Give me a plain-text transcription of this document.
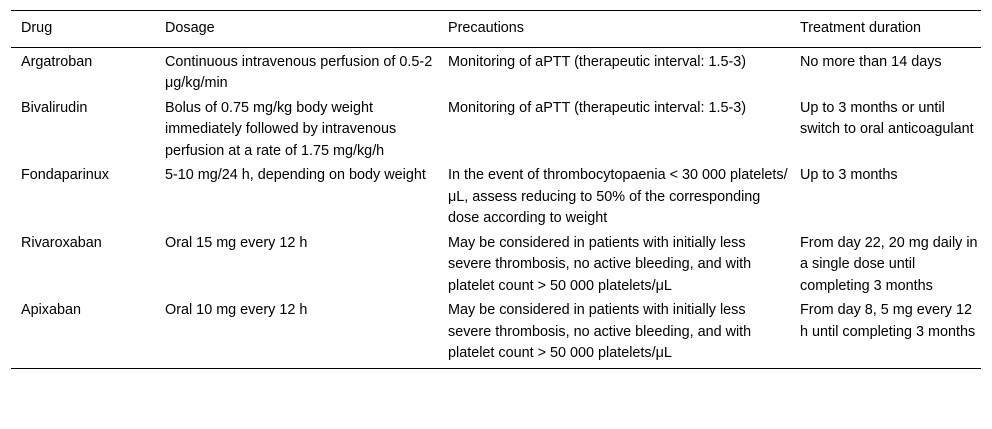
Drug	Dosage	Precautions	Treatment duration
Argatroban	Continuous intravenous perfusion of 0.5-2 μg/kg/min	Monitoring of aPTT (therapeutic interval: 1.5-3)	No more than 14 days
Bivalirudin	Bolus of 0.75 mg/kg body weight immediately followed by intravenous perfusion at a rate of 1.75 mg/kg/h	Monitoring of aPTT (therapeutic interval: 1.5-3)	Up to 3 months or until switch to oral anticoagulant
Fondaparinux	5-10 mg/24 h, depending on body weight	In the event of thrombocytopaenia < 30 000 platelets/μL, assess reducing to 50% of the corresponding dose according to weight	Up to 3 months
Rivaroxaban	Oral 15 mg every 12 h	May be considered in patients with initially less severe thrombosis, no active bleeding, and with platelet count > 50 000 platelets/μL	From day 22, 20 mg daily in a single dose until completing 3 months
Apixaban	Oral 10 mg every 12 h	May be considered in patients with initially less severe thrombosis, no active bleeding, and with platelet count > 50 000 platelets/μL	From day 8, 5 mg every 12 h until completing 3 months
